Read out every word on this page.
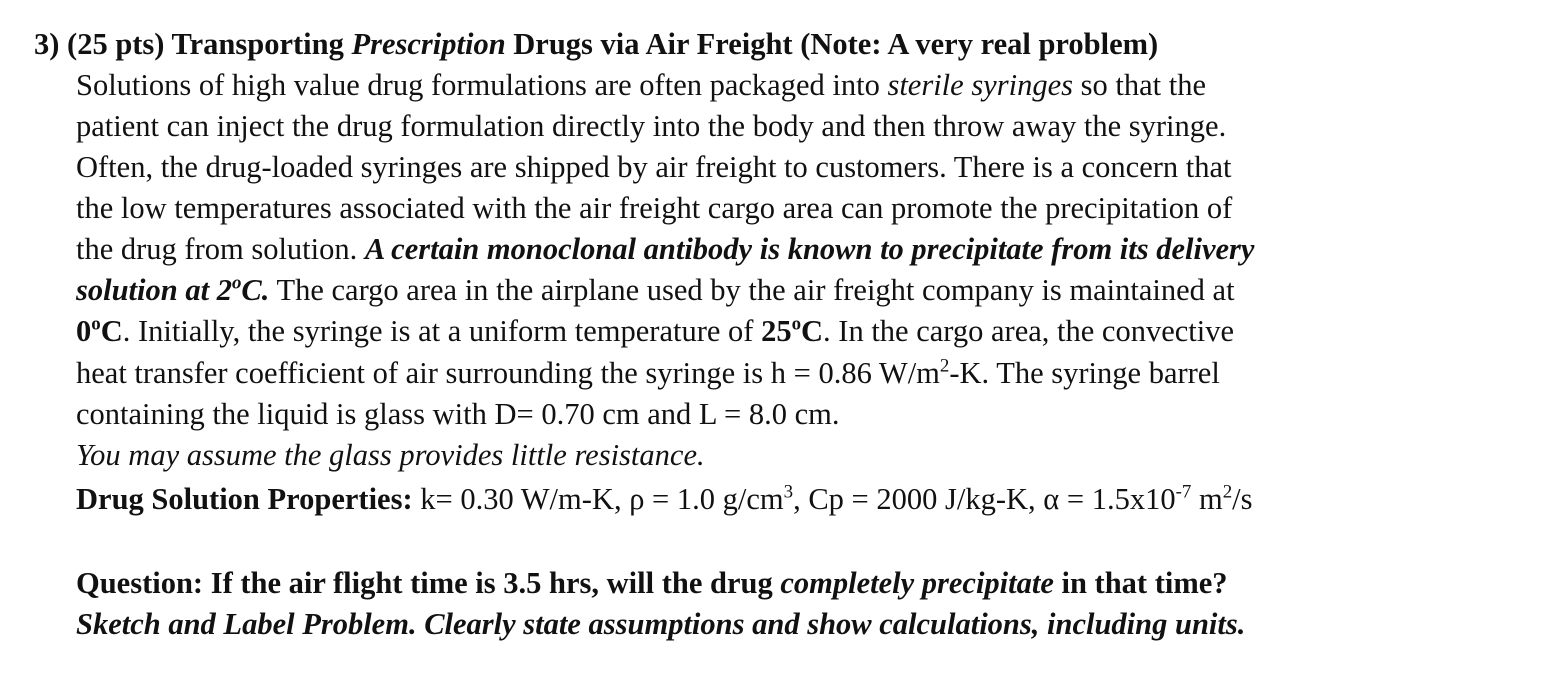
3) (25 pts) Transporting Prescription Drugs via Air Freight (Note: A very real problem)
Solutions of high value drug formulations are often packaged into sterile syringes so that the
patient can inject the drug formulation directly into the body and then throw away the syringe.
Often, the drug-loaded syringes are shipped by air freight to customers. There is a concern that
the low temperatures associated with the air freight cargo area can promote the precipitation of
the drug from solution. A certain monoclonal antibody is known to precipitate from its delivery
solution at 2$^o$C. The cargo area in the airplane used by the air freight company is maintained at
0$^o$C. Initially, the syringe is at a uniform temperature of 25$^o$C. In the cargo area, the convective
heat transfer coefficient of air surrounding the syringe is h = 0.86 $W/m^2-K$. The syringe barrel
containing the liquid is glass with D= 0.70 cm and L = 8.0 cm.
You may assume the glass provides little resistance.
Drug Solution Properties: k= 0.30 W/m-K, ρ = 1.0 $g/cm^3$, Cp = 2000 J/kg-K, $\alpha = 1.5x10^{-7}$ $m^2/s$
Question: If the air flight time is 3.5 hrs, will the drug completely precipitate in that time?
Sketch and Label Problem. Clearly state assumptions and show calculations, including units.
